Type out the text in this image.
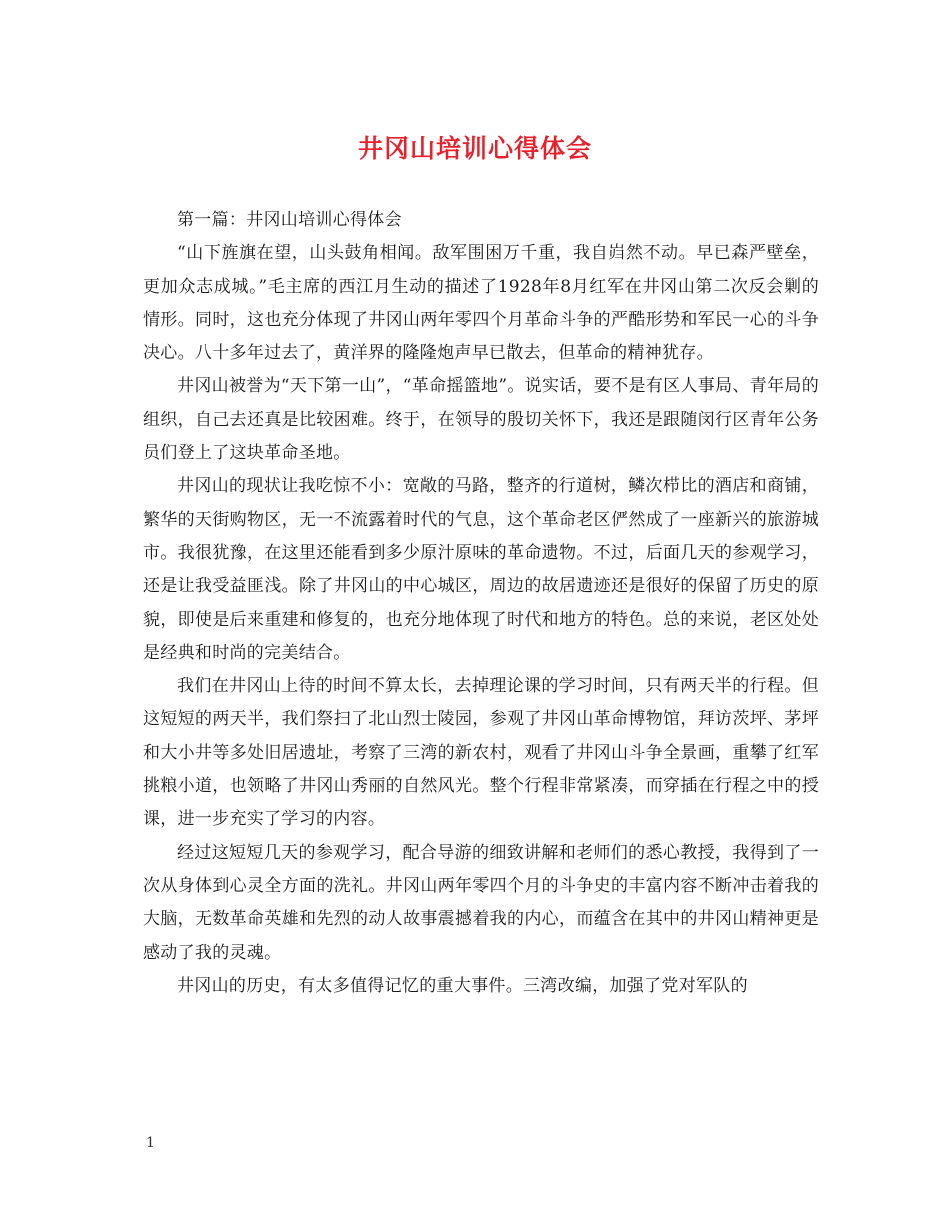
井冈山培训心得体会

第一篇：井冈山培训心得体会

“山下旌旗在望，山头鼓角相闻。敌军围困万千重，我自岿然不动。早已森严壁垒，更加众志成城。”毛主席的西江月生动的描述了1928年8月红军在井冈山第二次反会剿的情形。同时，这也充分体现了井冈山两年零四个月革命斗争的严酷形势和军民一心的斗争决心。八十多年过去了，黄洋界的隆隆炮声早已散去，但革命的精神犹存。

井冈山被誉为“天下第一山”，“革命摇篮地”。说实话，要不是有区人事局、青年局的组织，自己去还真是比较困难。终于，在领导的殷切关怀下，我还是跟随闵行区青年公务员们登上了这块革命圣地。

井冈山的现状让我吃惊不小：宽敞的马路，整齐的行道树，鳞次栉比的酒店和商铺，繁华的天街购物区，无一不流露着时代的气息，这个革命老区俨然成了一座新兴的旅游城市。我很犹豫，在这里还能看到多少原汁原味的革命遗物。不过，后面几天的参观学习，还是让我受益匪浅。除了井冈山的中心城区，周边的故居遗迹还是很好的保留了历史的原貌，即使是后来重建和修复的，也充分地体现了时代和地方的特色。总的来说，老区处处是经典和时尚的完美结合。

我们在井冈山上待的时间不算太长，去掉理论课的学习时间，只有两天半的行程。但这短短的两天半，我们祭扫了北山烈士陵园，参观了井冈山革命博物馆，拜访茨坪、茅坪和大小井等多处旧居遗址，考察了三湾的新农村，观看了井冈山斗争全景画，重攀了红军挑粮小道，也领略了井冈山秀丽的自然风光。整个行程非常紧凑，而穿插在行程之中的授课，进一步充实了学习的内容。

经过这短短几天的参观学习，配合导游的细致讲解和老师们的悉心教授，我得到了一次从身体到心灵全方面的洗礼。井冈山两年零四个月的斗争史的丰富内容不断冲击着我的大脑，无数革命英雄和先烈的动人故事震撼着我的内心，而蕴含在其中的井冈山精神更是感动了我的灵魂。

井冈山的历史，有太多值得记忆的重大事件。三湾改编，加强了党对军队的

1
